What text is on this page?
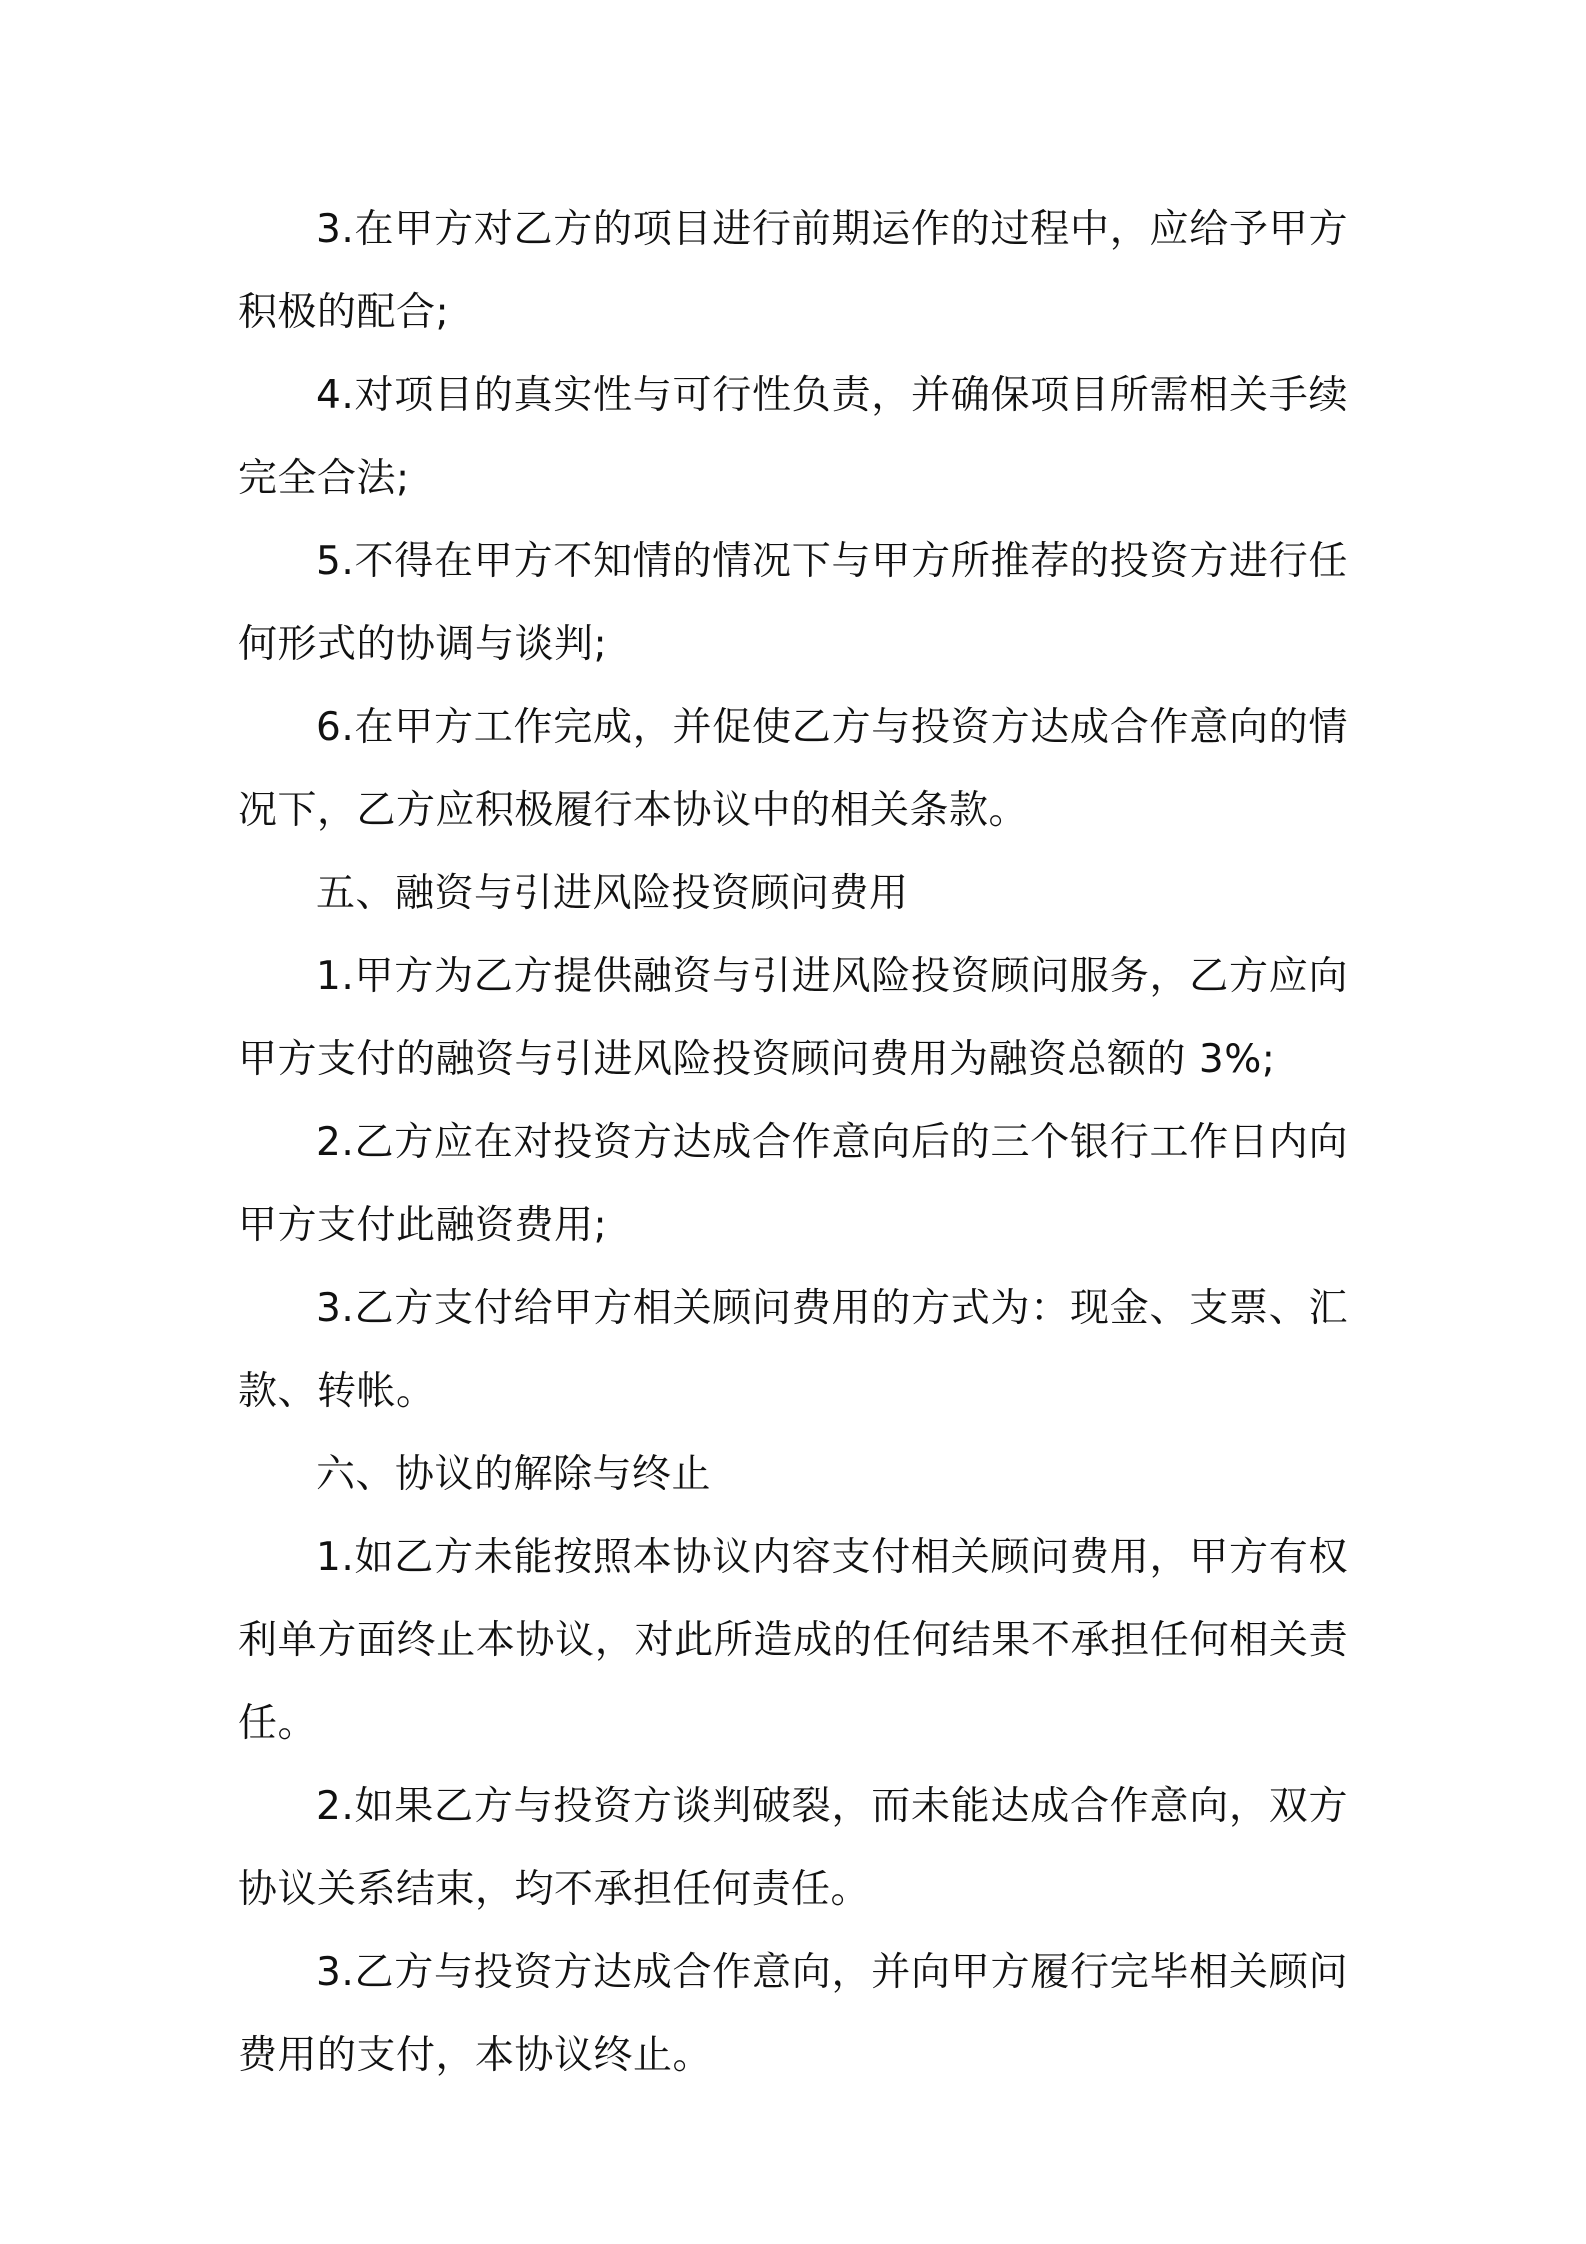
3.在甲方对乙方的项目进行前期运作的过程中，应给予甲方积极的配合;

4.对项目的真实性与可行性负责，并确保项目所需相关手续完全合法;

5.不得在甲方不知情的情况下与甲方所推荐的投资方进行任何形式的协调与谈判;

6.在甲方工作完成，并促使乙方与投资方达成合作意向的情况下，乙方应积极履行本协议中的相关条款。

五、融资与引进风险投资顾问费用

1.甲方为乙方提供融资与引进风险投资顾问服务，乙方应向甲方支付的融资与引进风险投资顾问费用为融资总额的 3%;

2.乙方应在对投资方达成合作意向后的三个银行工作日内向甲方支付此融资费用;

3.乙方支付给甲方相关顾问费用的方式为：现金、支票、汇款、转帐。

六、协议的解除与终止

1.如乙方未能按照本协议内容支付相关顾问费用，甲方有权利单方面终止本协议，对此所造成的任何结果不承担任何相关责任。

2.如果乙方与投资方谈判破裂，而未能达成合作意向，双方协议关系结束，均不承担任何责任。

3.乙方与投资方达成合作意向，并向甲方履行完毕相关顾问费用的支付，本协议终止。
